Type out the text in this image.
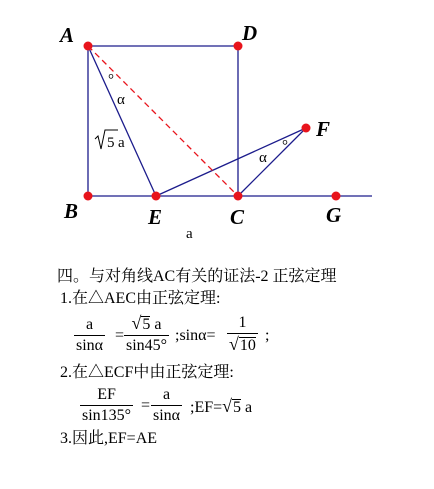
A	D
B	E	C
F
G
°
α
α
°
5 a
a
四。与对角线AC有关的证法-2 正弦定理
1.在△AEC由正弦定理:
$\frac{a}{\sin\alpha} = \frac{√ 5 a}{\sin 45^\circ}$ ;sinα= $\frac{1}{√ 10}$ ;
2.在△ECF中由正弦定理:
$\frac{EF}{\sin 135^\circ} = \frac{a}{\sin\alpha}$ ;EF= √ 5 a
3.因此,EF=AE
